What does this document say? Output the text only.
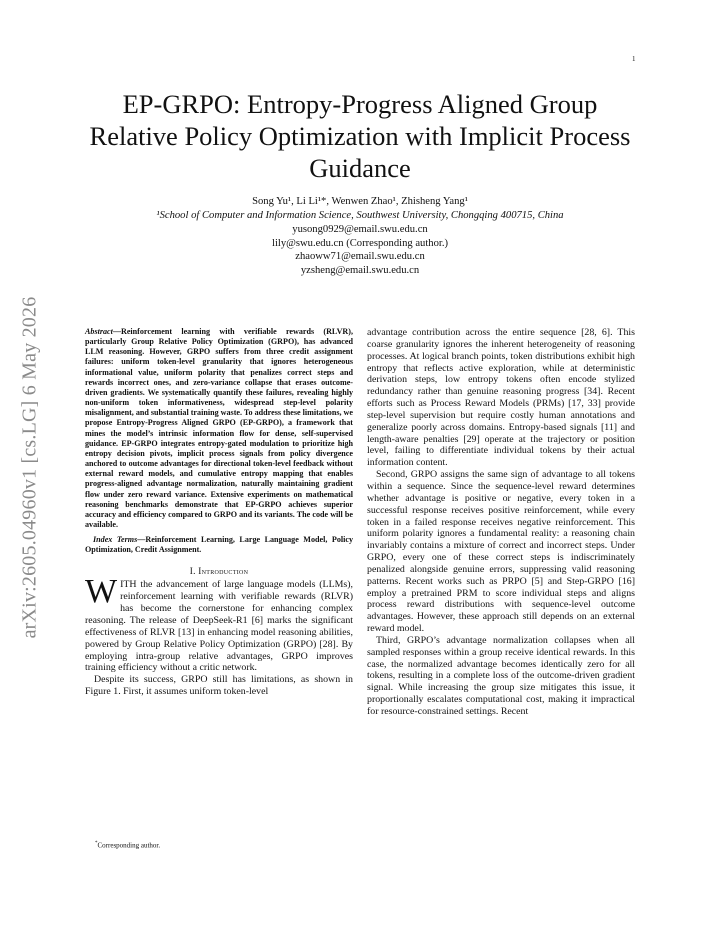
1
arXiv:2605.04960v1 [cs.LG] 6 May 2026
EP-GRPO: Entropy-Progress Aligned Group Relative Policy Optimization with Implicit Process Guidance
Song Yu¹, Li Li¹*, Wenwen Zhao¹, Zhisheng Yang¹
¹School of Computer and Information Science, Southwest University, Chongqing 400715, China
yusong0929@email.swu.edu.cn
lily@swu.edu.cn (Corresponding author.)
zhaoww71@email.swu.edu.cn
yzsheng@email.swu.edu.cn

Abstract—Reinforcement learning with verifiable rewards (RLVR), particularly Group Relative Policy Optimization (GRPO), has advanced LLM reasoning. However, GRPO suffers from three credit assignment failures: uniform token-level granularity that ignores heterogeneous informational value, uniform polarity that penalizes correct steps and rewards incorrect ones, and zero-variance collapse that erases outcome-driven gradients. We systematically quantify these failures, revealing highly non-uniform token informativeness, widespread step-level polarity misalignment, and substantial training waste. To address these limitations, we propose Entropy-Progress Aligned GRPO (EP-GRPO), a framework that mines the model’s intrinsic information flow for dense, self-supervised guidance. EP-GRPO integrates entropy-gated modulation to prioritize high entropy decision pivots, implicit process signals from policy divergence anchored to outcome advantages for directional token-level feedback without external reward models, and cumulative entropy mapping that enables progress-aligned advantage normalization, naturally maintaining gradient flow under zero reward variance. Extensive experiments on mathematical reasoning benchmarks demonstrate that EP-GRPO achieves superior accuracy and efficiency compared to GRPO and its variants. The code will be available.

Index Terms—Reinforcement Learning, Large Language Model, Policy Optimization, Credit Assignment.

I. Introduction

WITH the advancement of large language models (LLMs), reinforcement learning with verifiable rewards (RLVR) has become the cornerstone for enhancing complex reasoning. The release of DeepSeek-R1 [6] marks the significant effectiveness of RLVR [13] in enhancing model reasoning abilities, powered by Group Relative Policy Optimization (GRPO) [28]. By employing intra-group relative advantages, GRPO improves training efficiency without a critic network.

Despite its success, GRPO still has limitations, as shown in Figure 1. First, it assumes uniform token-level

advantage contribution across the entire sequence [28, 6]. This coarse granularity ignores the inherent heterogeneity of reasoning processes. At logical branch points, token distributions exhibit high entropy that reflects active exploration, while at deterministic derivation steps, low entropy tokens often encode stylized redundancy rather than genuine reasoning progress [34]. Recent efforts such as Process Reward Models (PRMs) [17, 33] provide step-level supervision but require costly human annotations and generalize poorly across domains. Entropy-based signals [11] and length-aware penalties [29] operate at the trajectory or position level, failing to differentiate individual tokens by their actual information content.

Second, GRPO assigns the same sign of advantage to all tokens within a sequence. Since the sequence-level reward determines whether advantage is positive or negative, every token in a successful response receives positive reinforcement, while every token in a failed response receives negative reinforcement. This uniform polarity ignores a fundamental reality: a reasoning chain invariably contains a mixture of correct and incorrect steps. Under GRPO, every one of these correct steps is indiscriminately penalized alongside genuine errors, suppressing valid reasoning patterns. Recent works such as PRPO [5] and Step-GRPO [16] employ a pretrained PRM to score individual steps and aligns process reward distributions with sequence-level outcome advantages. However, these approach still depends on an external reward model.

Third, GRPO’s advantage normalization collapses when all sampled responses within a group receive identical rewards. In this case, the normalized advantage becomes identically zero for all tokens, resulting in a complete loss of the outcome-driven gradient signal. While increasing the group size mitigates this issue, it proportionally escalates computational cost, making it impractical for resource-constrained settings. Recent

*Corresponding author.
